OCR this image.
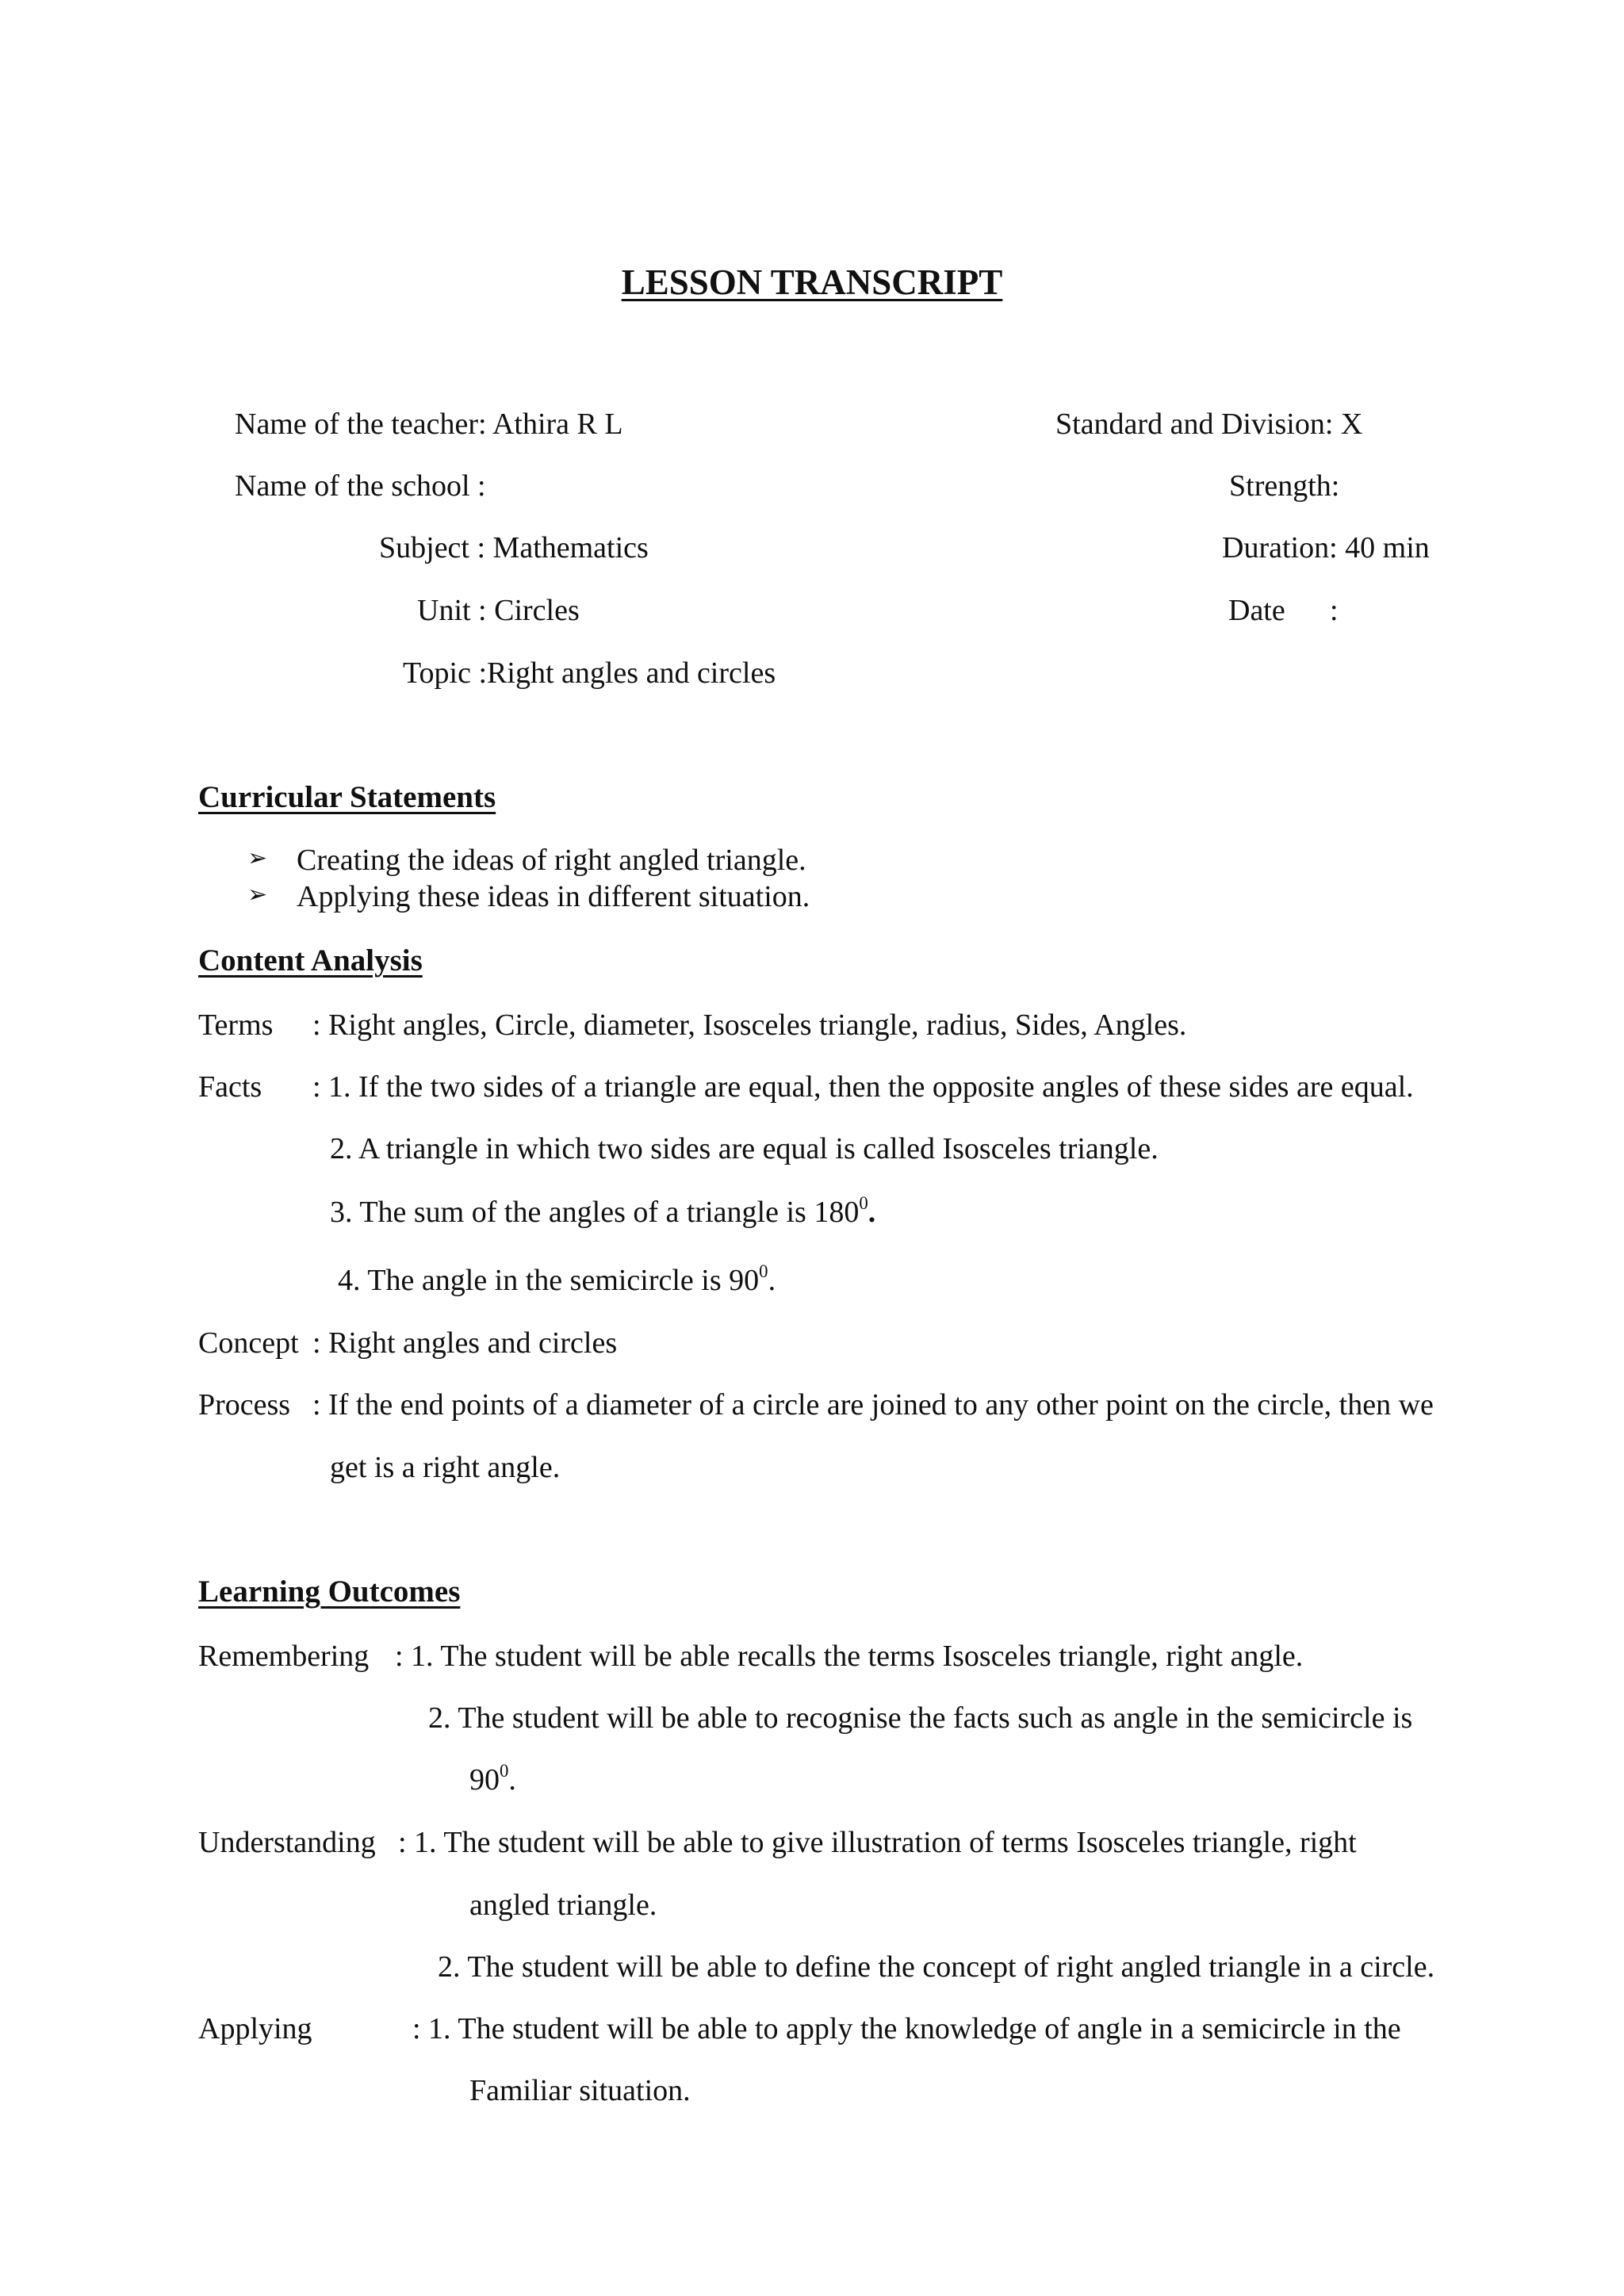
LESSON TRANSCRIPT
Name of the teacher: Athira R L	Standard and Division: X
Name of the school :	Strength:
Subject : Mathematics	Duration: 40 min
Unit : Circles	Date :
Topic :Right angles and circles
Curricular Statements
➢ Creating the ideas of right angled triangle.
➢ Applying these ideas in different situation.
Content Analysis
Terms : Right angles, Circle, diameter, Isosceles triangle, radius, Sides, Angles.
Facts : 1. If the two sides of a triangle are equal, then the opposite angles of these sides are equal.
2. A triangle in which two sides are equal is called Isosceles triangle.
3. The sum of the angles of a triangle is $180^0$.
4. The angle in the semicircle is $90^0$.
Concept : Right angles and circles
Process : If the end points of a diameter of a circle are joined to any other point on the circle, then we
get is a right angle.
Learning Outcomes
Remembering : 1. The student will be able recalls the terms Isosceles triangle, right angle.
2. The student will be able to recognise the facts such as angle in the semicircle is
$90^0$.
Understanding : 1. The student will be able to give illustration of terms Isosceles triangle, right
angled triangle.
2. The student will be able to define the concept of right angled triangle in a circle.
Applying	: 1. The student will be able to apply the knowledge of angle in a semicircle in the
Familiar situation.
